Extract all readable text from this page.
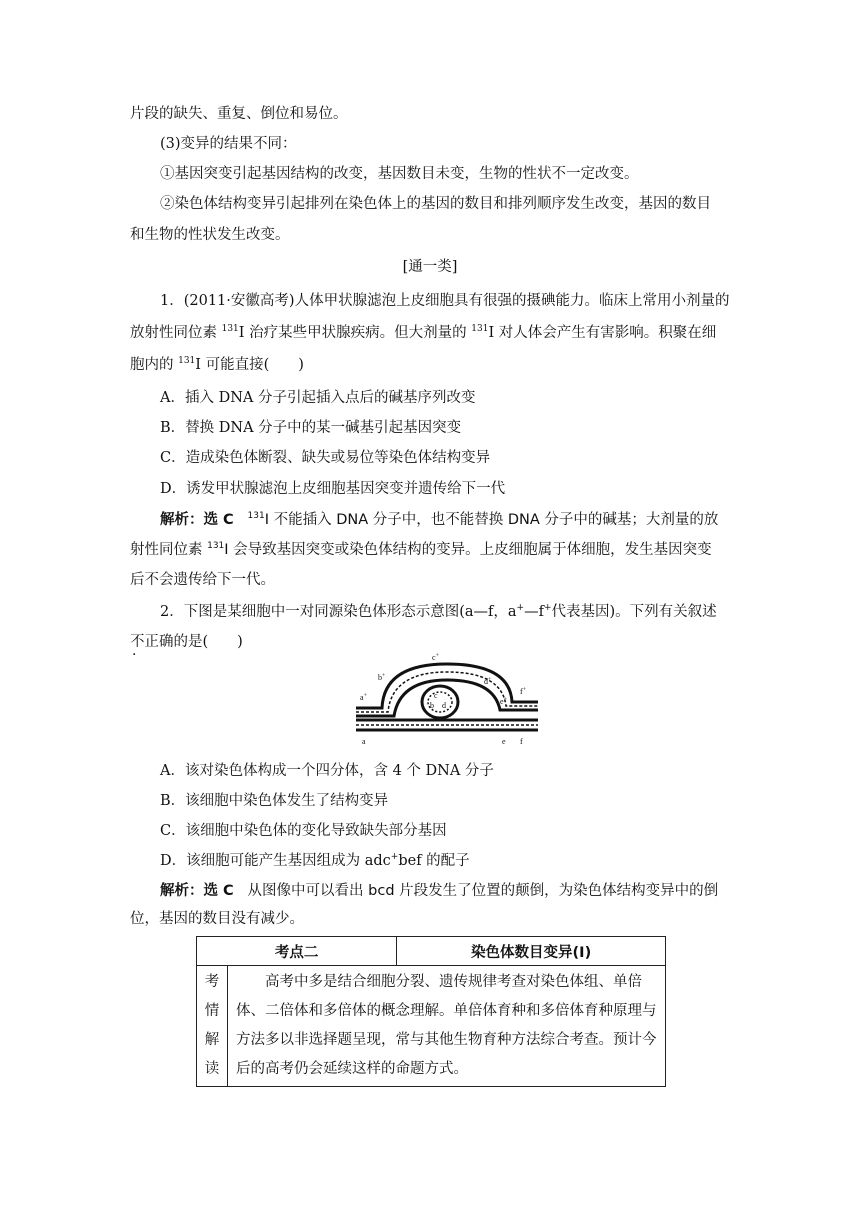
片段的缺失、重复、倒位和易位。
(3)变异的结果不同：
①基因突变引起基因结构的改变，基因数目未变，生物的性状不一定改变。
②染色体结构变异引起排列在染色体上的基因的数目和排列顺序发生改变，基因的数目
和生物的性状发生改变。
[通一类]
1．(2011·安徽高考)人体甲状腺滤泡上皮细胞具有很强的摄碘能力。临床上常用小剂量的
放射性同位素 $^{131}$I 治疗某些甲状腺疾病。但大剂量的 $^{131}$I 对人体会产生有害影响。积聚在细
胞内的 $^{131}$I 可能直接(　　)
A．插入 DNA 分子引起插入点后的碱基序列改变
B．替换 DNA 分子中的某一碱基引起基因突变
C．造成染色体断裂、缺失或易位等染色体结构变异
D．诱发甲状腺滤泡上皮细胞基因突变并遗传给下一代
解析：选 C $^{131}$I 不能插入 DNA 分子中，也不能替换 DNA 分子中的碱基；大剂量的放
射性同位素 $^{131}$I 会导致基因突变或染色体结构的变异。上皮细胞属于体细胞，发生基因突变
后不会遗传给下一代。
2．下图是某细胞中一对同源染色体形态示意图(a—f，a+—f+代表基因)。下列有关叙述
不正确的是(　　)
a+
b+
c+
d+
e+
f+
c
b d
a	e f
A．该对染色体构成一个四分体，含 4 个 DNA 分子
B．该细胞中染色体发生了结构变异
C．该细胞中染色体的变化导致缺失部分基因
D．该细胞可能产生基因组成为 adc+bef 的配子
解析：选 C 从图像中可以看出 bcd 片段发生了位置的颠倒，为染色体结构变异中的倒
位，基因的数目没有减少。
考点二		染色体数目变异(Ⅰ)

考
情
解
读
	  高考中多是结合细胞分裂、遗传规律考查对染色体组、单倍体、二倍体和多倍体的概念理解。单倍体育种和多倍体育种原理与方法多以非选择题呈现，常与其他生物育种方法综合考查。预计今后的高考仍会延续这样的命题方式。	
